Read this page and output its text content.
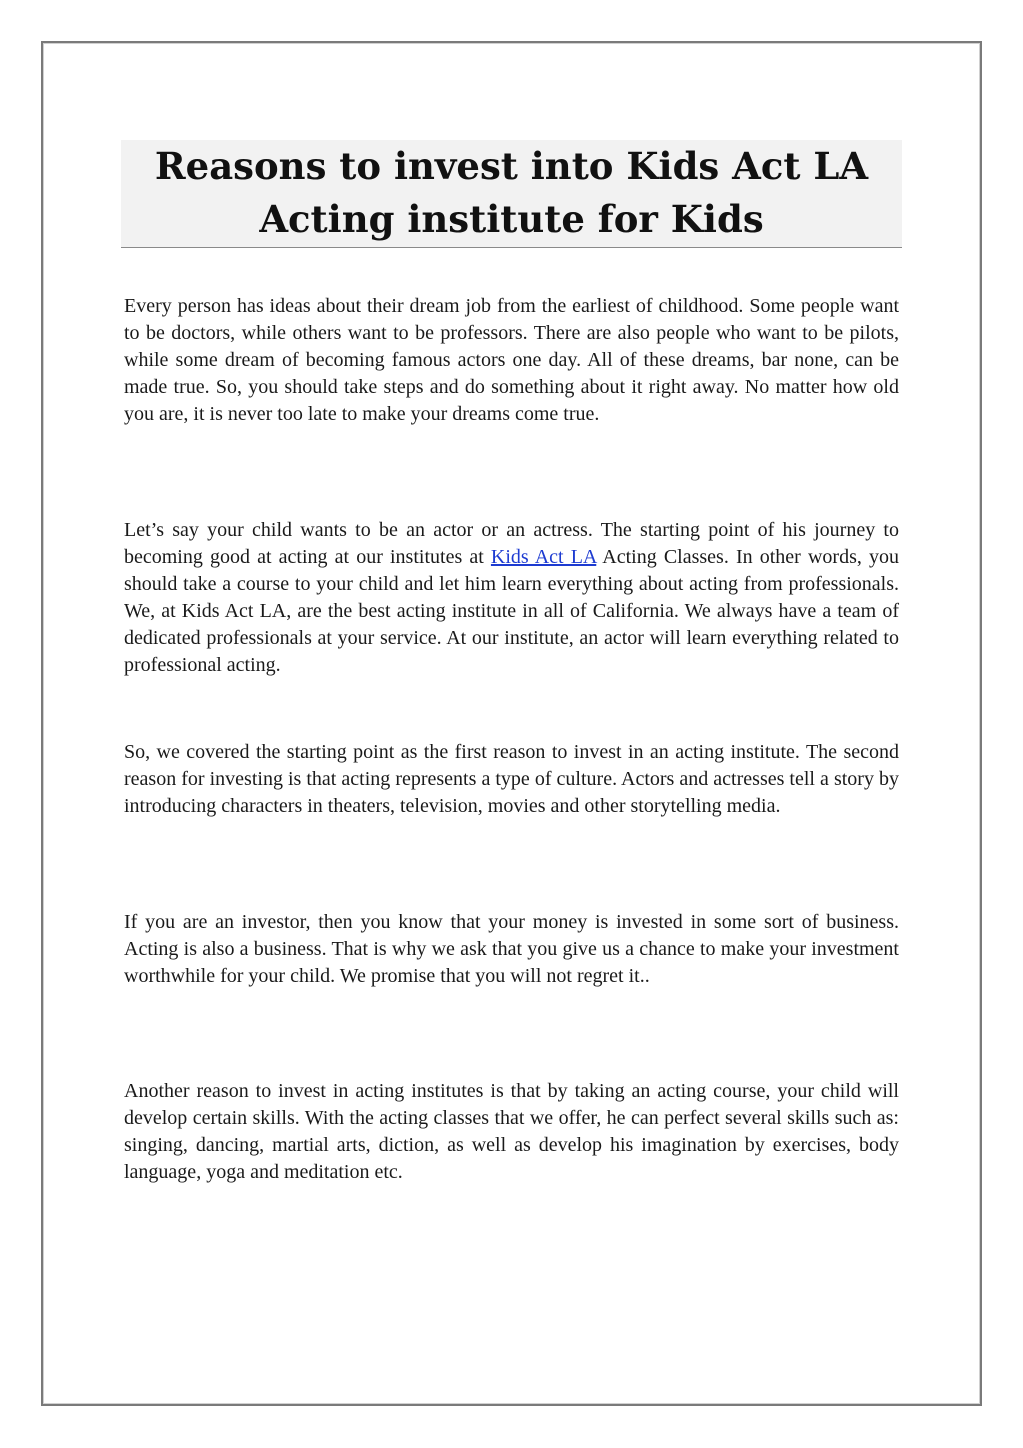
Reasons to invest into Kids Act LA
Acting institute for Kids

Every person has ideas about their dream job from the earliest of childhood. Some people want to be doctors, while others want to be professors. There are also people who want to be pilots, while some dream of becoming famous actors one day. All of these dreams, bar none, can be made true. So, you should take steps and do something about it right away. No matter how old you are, it is never too late to make your dreams come true.

Let’s say your child wants to be an actor or an actress. The starting point of his journey to becoming good at acting at our institutes at Kids Act LA Acting Classes. In other words, you should take a course to your child and let him learn everything about acting from professionals. We, at Kids Act LA, are the best acting institute in all of California. We always have a team of dedicated professionals at your service. At our institute, an actor will learn everything related to professional acting.

So, we covered the starting point as the first reason to invest in an acting institute. The second reason for investing is that acting represents a type of culture. Actors and actresses tell a story by introducing characters in theaters, television, movies and other storytelling media.

If you are an investor, then you know that your money is invested in some sort of business. Acting is also a business. That is why we ask that you give us a chance to make your investment worthwhile for your child. We promise that you will not regret it..

Another reason to invest in acting institutes is that by taking an acting course, your child will develop certain skills. With the acting classes that we offer, he can perfect several skills such as: singing, dancing, martial arts, diction, as well as develop his imagination by exercises, body language, yoga and meditation etc.
